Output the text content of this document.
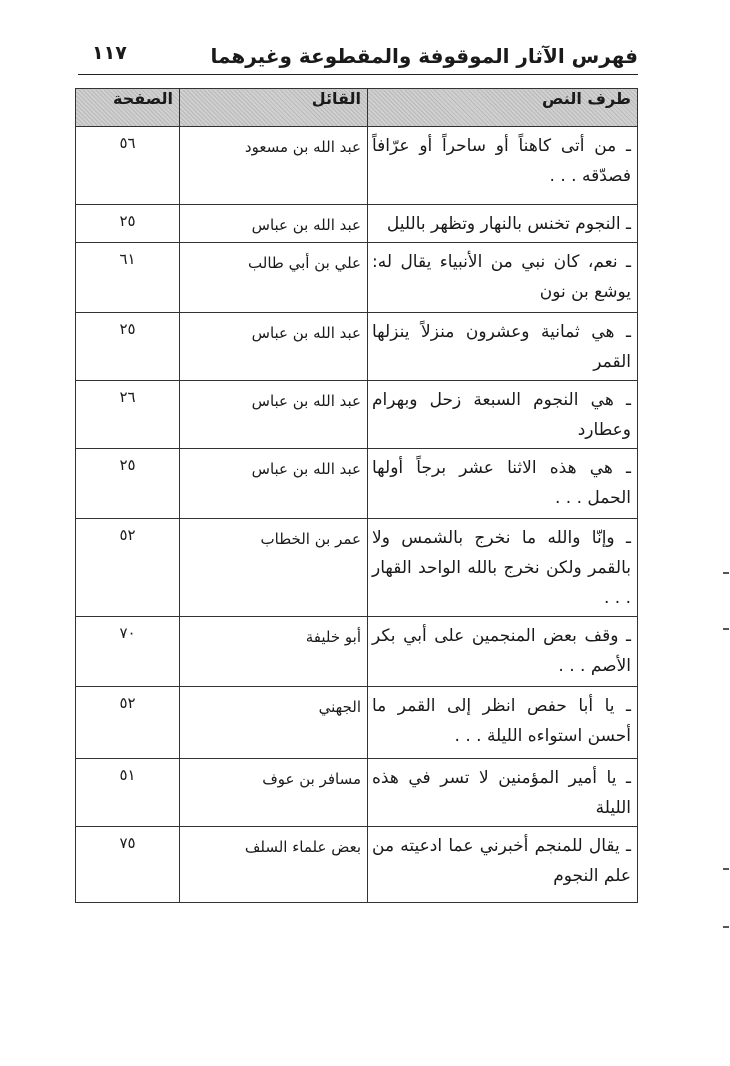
فهرس الآثار الموقوفة والمقطوعة وغيرهما
١١٧
طرف النص	القائل	الصفحة
ـ من أتى كاهناً أو ساحراً أو عرّافاً فصدّقه . . .	عبد الله بن مسعود	٥٦
ـ النجوم تخنس بالنهار وتظهر بالليل	عبد الله بن عباس	٢٥
ـ نعم، كان نبي من الأنبياء يقال له: يوشع بن نون	علي بن أبي طالب	٦١
ـ هي ثمانية وعشرون منزلاً ينزلها القمر	عبد الله بن عباس	٢٥
ـ هي النجوم السبعة زحل وبهرام وعطارد	عبد الله بن عباس	٢٦
ـ هي هذه الاثنا عشر برجاً أولها الحمل . . .	عبد الله بن عباس	٢٥
ـ وإنّا والله ما نخرج بالشمس ولا بالقمر ولكن نخرج بالله الواحد القهار . . .	عمر بن الخطاب	٥٢
ـ وقف بعض المنجمين على أبي بكر الأصم . . .	أبو خليفة	٧٠
ـ يا أبا حفص انظر إلى القمر ما أحسن استواءه الليلة . . .	الجهني	٥٢
ـ يا أمير المؤمنين لا تسر في هذه الليلة	مسافر بن عوف	٥١
ـ يقال للمنجم أخبرني عما ادعيته من علم النجوم	بعض علماء السلف	٧٥
